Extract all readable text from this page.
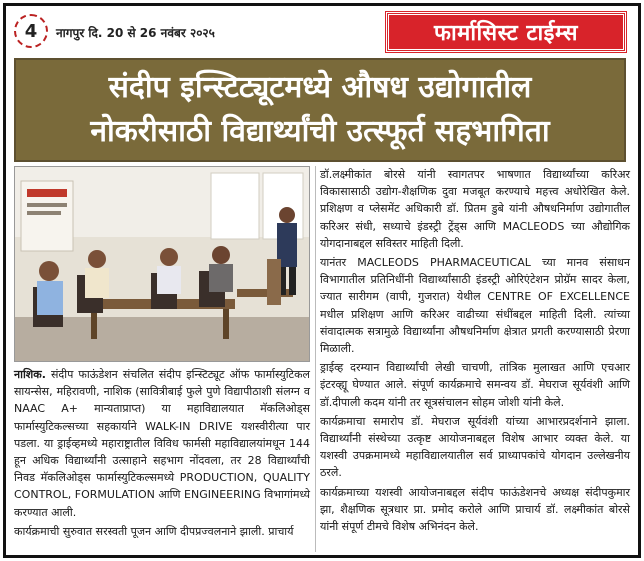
4	नागपुर दि. 20 से 26 नवंबर २०२५	फार्मासिस्ट टाईम्स
संदीप इन्स्टिट्यूटमध्ये औषध उद्योगातील
नोकरीसाठी विद्यार्थ्यांची उत्स्फूर्त सहभागिता

नाशिक. संदीप फाऊंडेशन संचलित संदीप इन्स्टिट्यूट ऑफ फार्मास्युटिकल सायन्सेस, महिरावणी, नाशिक (सावित्रीबाई फुले पुणे विद्यापीठाशी संलग्न व NAAC A+ मान्यताप्राप्त) या महाविद्यालयात मॅकलिओड्स फार्मास्युटिकल्सच्या सहकार्याने WALK-IN DRIVE यशस्वीरीत्या पार पडला. या ड्राईव्हमध्ये महाराष्ट्रातील विविध फार्मसी महाविद्यालयांमधून 144 हून अधिक विद्यार्थ्यांनी उत्साहाने सहभाग नोंदवला, तर 28 विद्यार्थ्यांची निवड मॅकलिओड्स फार्मास्युटिकल्समध्ये PRODUCTION, QUALITY CONTROL, FORMULATION आणि ENGINEERING विभागांमध्ये करण्यात आली.

कार्यक्रमाची सुरुवात सरस्वती पूजन आणि दीपप्रज्वलनाने झाली. प्राचार्य

डॉ.लक्ष्मीकांत बोरसे यांनी स्वागतपर भाषणात विद्यार्थ्यांच्या करिअर विकासासाठी उद्योग-शैक्षणिक दुवा मजबूत करण्याचे महत्त्व अधोरेखित केले. प्रशिक्षण व प्लेसमेंट अधिकारी डॉ. प्रितम डुबे यांनी औषधनिर्माण उद्योगातील करिअर संधी, सध्याचे इंडस्ट्री ट्रेंड्स आणि MACLEODS च्या औद्योगिक योगदानाबद्दल सविस्तर माहिती दिली.

यानंतर MACLEODS PHARMACEUTICAL च्या मानव संसाधन विभागातील प्रतिनिधींनी विद्यार्थ्यांसाठी इंडस्ट्री ओरिएंटेशन प्रोग्रॅम सादर केला, ज्यात सारीगम (वापी, गुजरात) येथील CENTRE OF EXCELLENCE मधील प्रशिक्षण आणि करिअर वाढीच्या संधींबद्दल माहिती दिली. त्यांच्या संवादात्मक सत्रामुळे विद्यार्थ्यांना औषधनिर्माण क्षेत्रात प्रगती करण्यासाठी प्रेरणा मिळाली.

ड्राईव्ह दरम्यान विद्यार्थ्यांची लेखी चाचणी, तांत्रिक मुलाखत आणि एचआर इंटरव्ह्यू घेण्यात आले. संपूर्ण कार्यक्रमाचे समन्वय डॉ. मेघराज सूर्यवंशी आणि डॉ.दीपाली कदम यांनी तर सूत्रसंचालन सोहम जोशी यांनी केले.

कार्यक्रमाचा समारोप डॉ. मेघराज सूर्यवंशी यांच्या आभारप्रदर्शनाने झाला. विद्यार्थ्यांनी संस्थेच्या उत्कृष्ट आयोजनाबद्दल विशेष आभार व्यक्त केले. या यशस्वी उपक्रमामध्ये महाविद्यालयातील सर्व प्राध्यापकांचे योगदान उल्लेखनीय ठरले.

कार्यक्रमाच्या यशस्वी आयोजनाबद्दल संदीप फाऊंडेशनचे अध्यक्ष संदीपकुमार झा, शैक्षणिक सूत्रधार प्रा. प्रमोद करोले आणि प्राचार्य डॉ. लक्ष्मीकांत बोरसे यांनी संपूर्ण टीमचे विशेष अभिनंदन केले.
